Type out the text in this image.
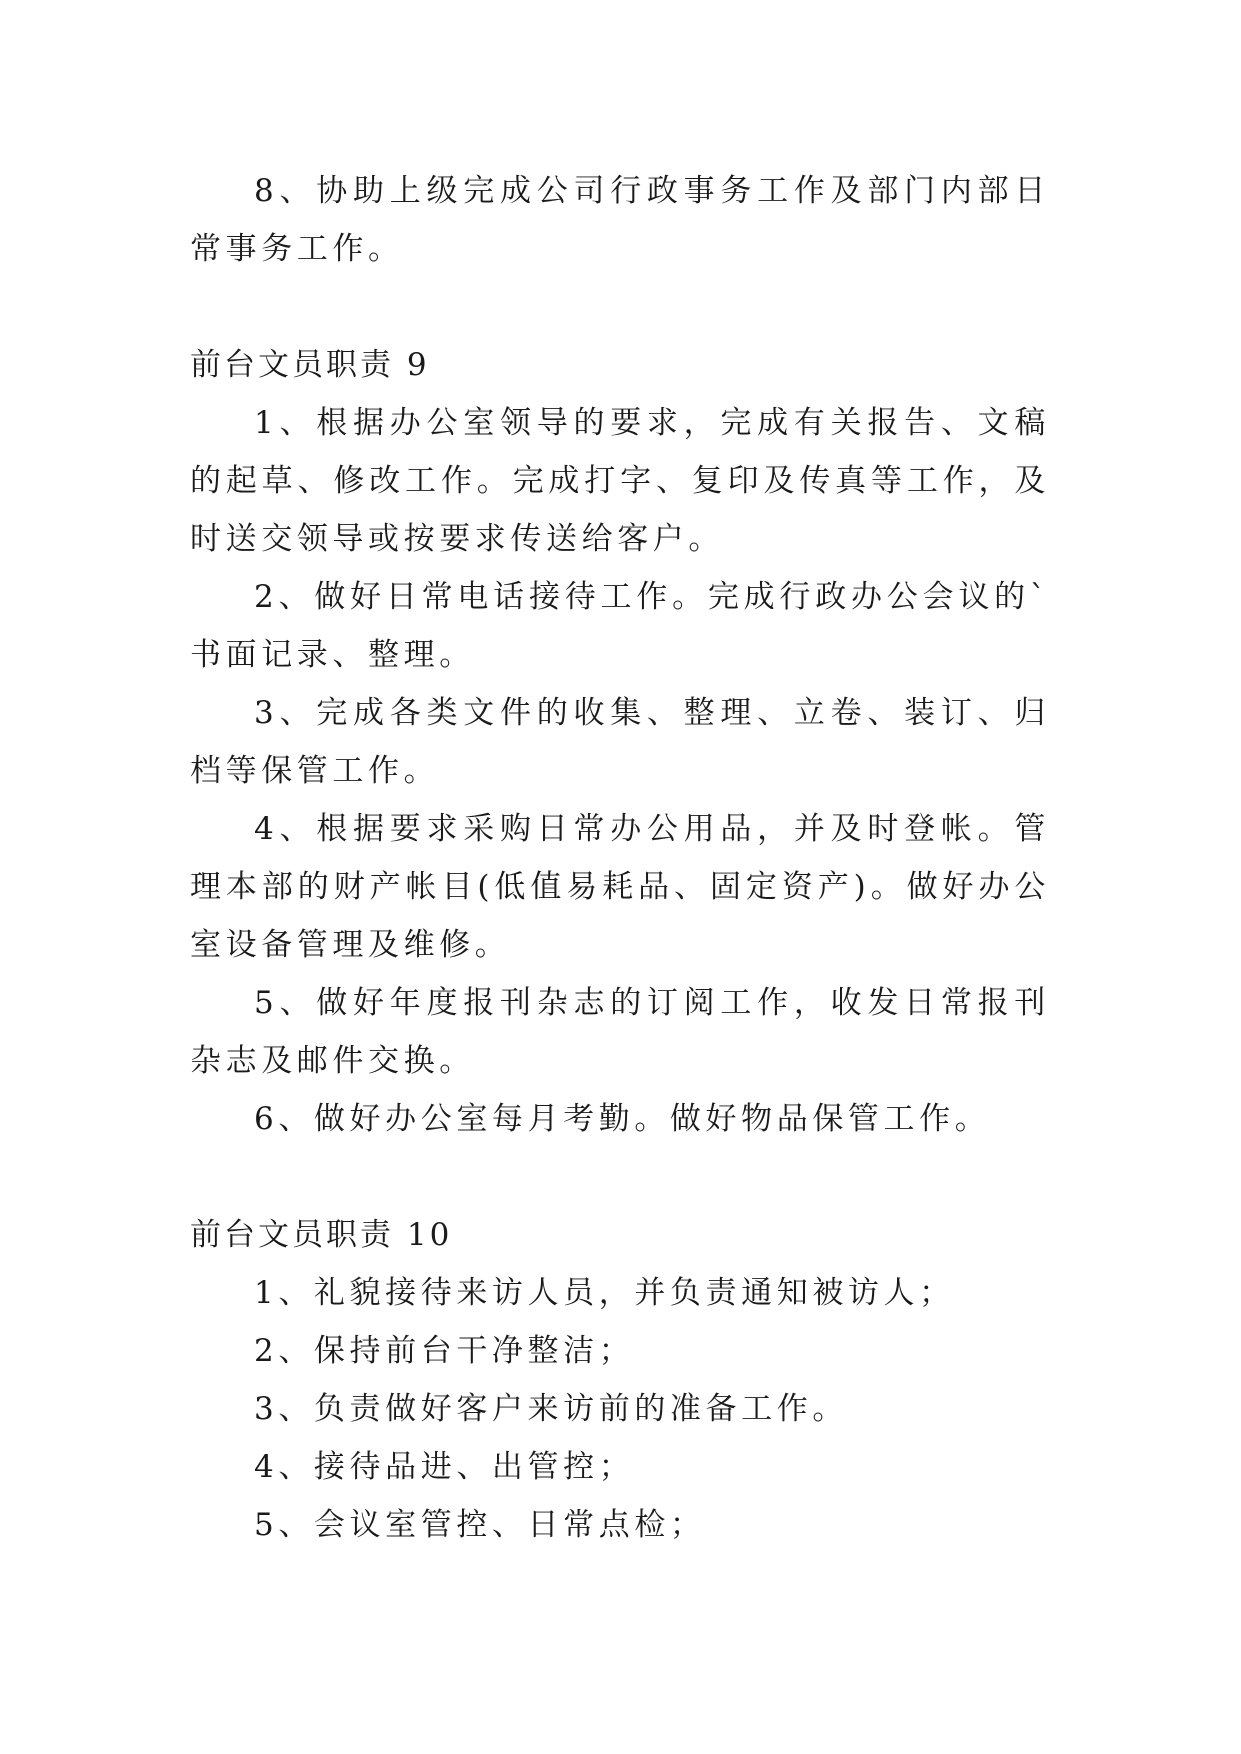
8、协助上级完成公司行政事务工作及部门内部日常事务工作。

前台文员职责 9

1、根据办公室领导的要求，完成有关报告、文稿的起草、修改工作。完成打字、复印及传真等工作，及时送交领导或按要求传送给客户。

2、做好日常电话接待工作。完成行政办公会议的`书面记录、整理。

3、完成各类文件的收集、整理、立卷、装订、归档等保管工作。

4、根据要求采购日常办公用品，并及时登帐。管理本部的财产帐目(低值易耗品、固定资产)。做好办公室设备管理及维修。

5、做好年度报刊杂志的订阅工作，收发日常报刊杂志及邮件交换。

6、做好办公室每月考勤。做好物品保管工作。

前台文员职责 10

1、礼貌接待来访人员，并负责通知被访人；

2、保持前台干净整洁；

3、负责做好客户来访前的准备工作。

4、接待品进、出管控；

5、会议室管控、日常点检；
